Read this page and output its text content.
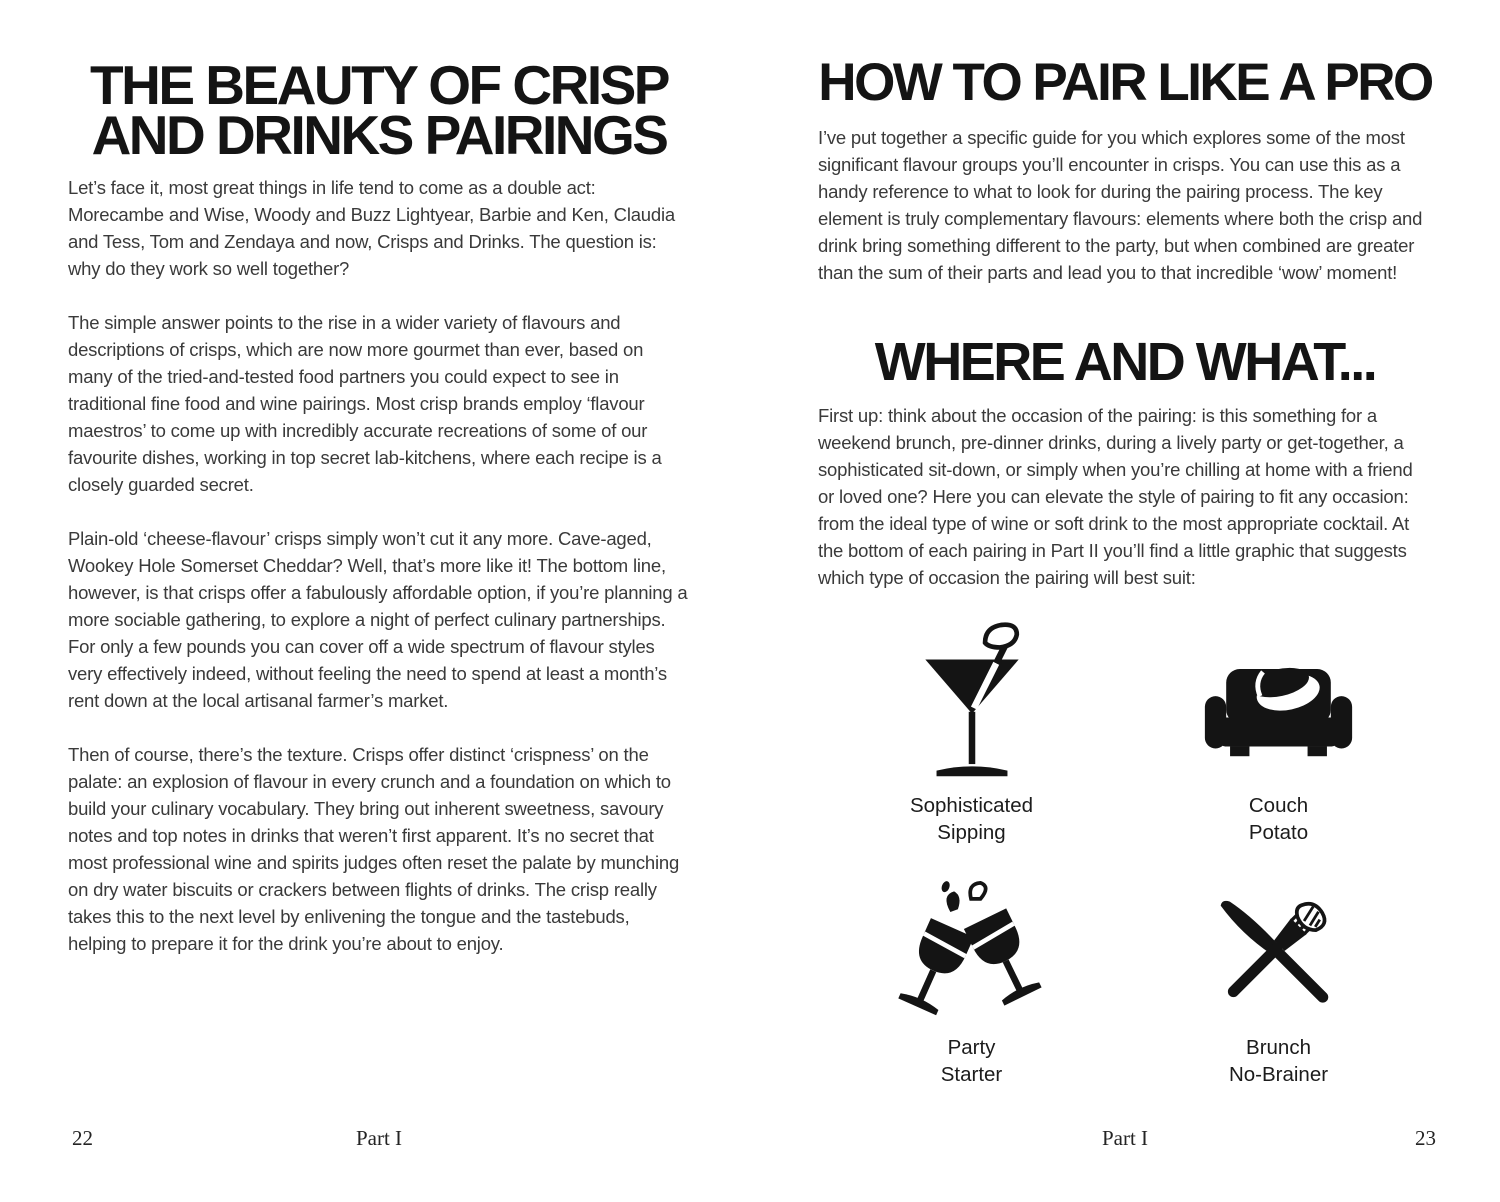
THE BEAUTY OF CRISP
AND DRINKS PAIRINGS

Let’s face it, most great things in life tend to come as a double act: Morecambe and Wise, Woody and Buzz Lightyear, Barbie and Ken, Claudia and Tess, Tom and Zendaya and now, Crisps and Drinks. The question is: why do they work so well together?

The simple answer points to the rise in a wider variety of flavours and descriptions of crisps, which are now more gourmet than ever, based on many of the tried-and-tested food partners you could expect to see in traditional fine food and wine pairings. Most crisp brands employ ‘flavour maestros’ to come up with incredibly accurate recreations of some of our favourite dishes, working in top secret lab-kitchens, where each recipe is a closely guarded secret.

Plain-old ‘cheese-flavour’ crisps simply won’t cut it any more. Cave-aged, Wookey Hole Somerset Cheddar? Well, that’s more like it! The bottom line, however, is that crisps offer a fabulously affordable option, if you’re planning a more sociable gathering, to explore a night of perfect culinary partnerships. For only a few pounds you can cover off a wide spectrum of flavour styles very effectively indeed, without feeling the need to spend at least a month’s rent down at the local artisanal farmer’s market.

Then of course, there’s the texture. Crisps offer distinct ‘crispness’ on the palate: an explosion of flavour in every crunch and a foundation on which to build your culinary vocabulary. They bring out inherent sweetness, savoury notes and top notes in drinks that weren’t first apparent. It’s no secret that most professional wine and spirits judges often reset the palate by munching on dry water biscuits or crackers between flights of drinks. The crisp really takes this to the next level by enlivening the tongue and the tastebuds, helping to prepare it for the drink you’re about to enjoy.

HOW TO PAIR LIKE A PRO

I’ve put together a specific guide for you which explores some of the most significant flavour groups you’ll encounter in crisps. You can use this as a handy reference to what to look for during the pairing process. The key element is truly complementary flavours: elements where both the crisp and drink bring something different to the party, but when combined are greater than the sum of their parts and lead you to that incredible ‘wow’ moment!

WHERE AND WHAT...

First up: think about the occasion of the pairing: is this something for a weekend brunch, pre-dinner drinks, during a lively party or get-together, a sophisticated sit-down, or simply when you’re chilling at home with a friend or loved one? Here you can elevate the style of pairing to fit any occasion: from the ideal type of wine or soft drink to the most appropriate cocktail. At the bottom of each pairing in Part II you’ll find a little graphic that suggests which type of occasion the pairing will best suit:

Sophisticated
Sipping
Couch
Potato
Party
Starter
Brunch
No-Brainer
22	Part I	Part I	23
